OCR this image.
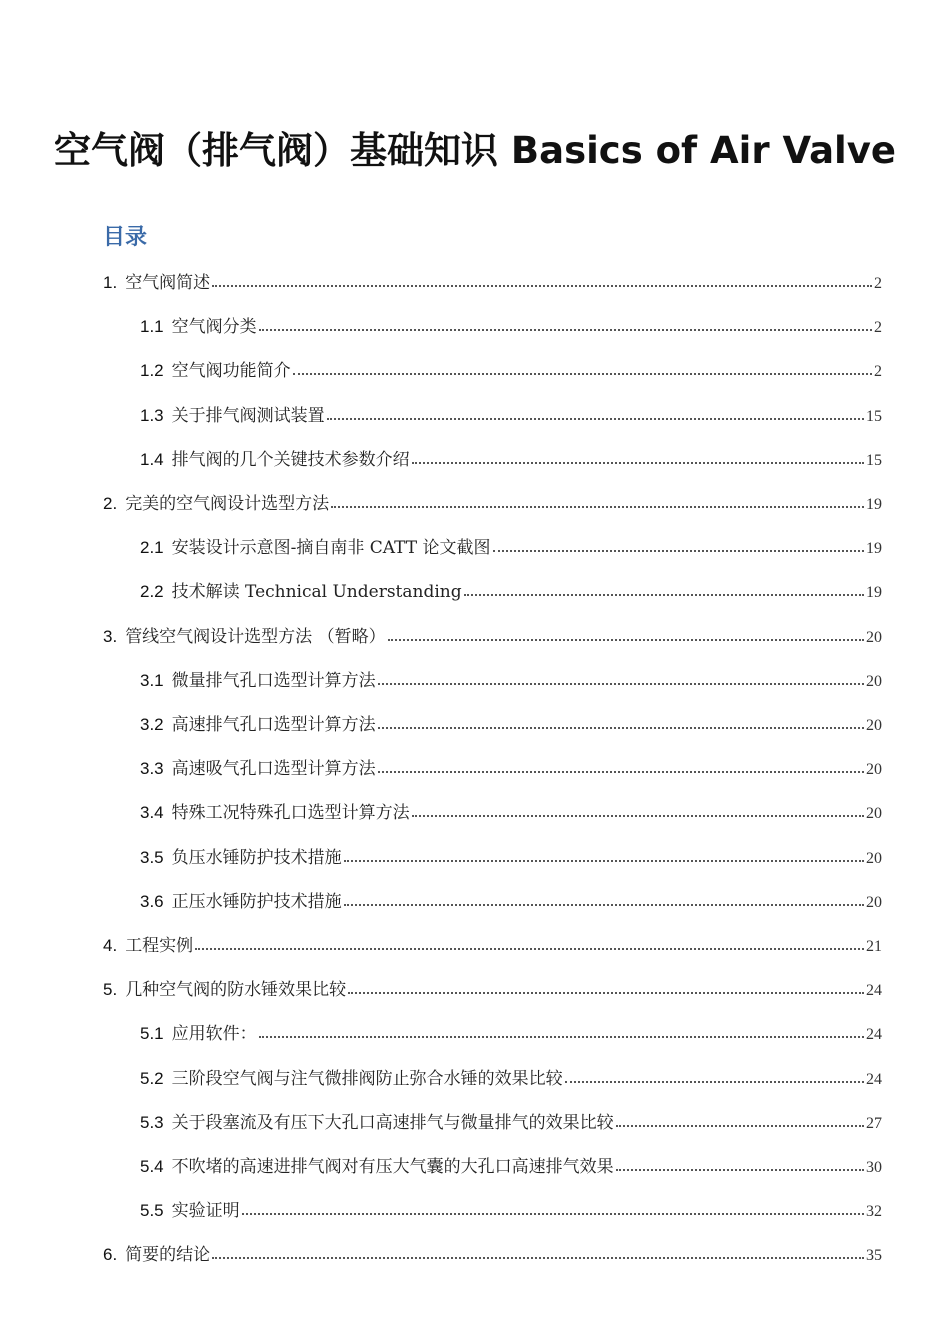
空气阀（排气阀）基础知识 Basics of Air Valve
目录
1. 空气阀简述	2
1.1 空气阀分类	2
1.2 空气阀功能简介	2
1.3 关于排气阀测试装置	15
1.4 排气阀的几个关键技术参数介绍	15
2. 完美的空气阀设计选型方法	19
2.1 安装设计示意图-摘自南非 CATT 论文截图	19
2.2 技术解读 Technical Understanding	19
3. 管线空气阀设计选型方法 （暂略）	20
3.1 微量排气孔口选型计算方法	20
3.2 高速排气孔口选型计算方法	20
3.3 高速吸气孔口选型计算方法	20
3.4 特殊工况特殊孔口选型计算方法	20
3.5 负压水锤防护技术措施	20
3.6 正压水锤防护技术措施	20
4. 工程实例	21
5. 几种空气阀的防水锤效果比较	24
5.1 应用软件：	24
5.2 三阶段空气阀与注气微排阀防止弥合水锤的效果比较	24
5.3 关于段塞流及有压下大孔口高速排气与微量排气的效果比较	27
5.4 不吹堵的高速进排气阀对有压大气囊的大孔口高速排气效果	30
5.5 实验证明	32
6. 简要的结论	35
